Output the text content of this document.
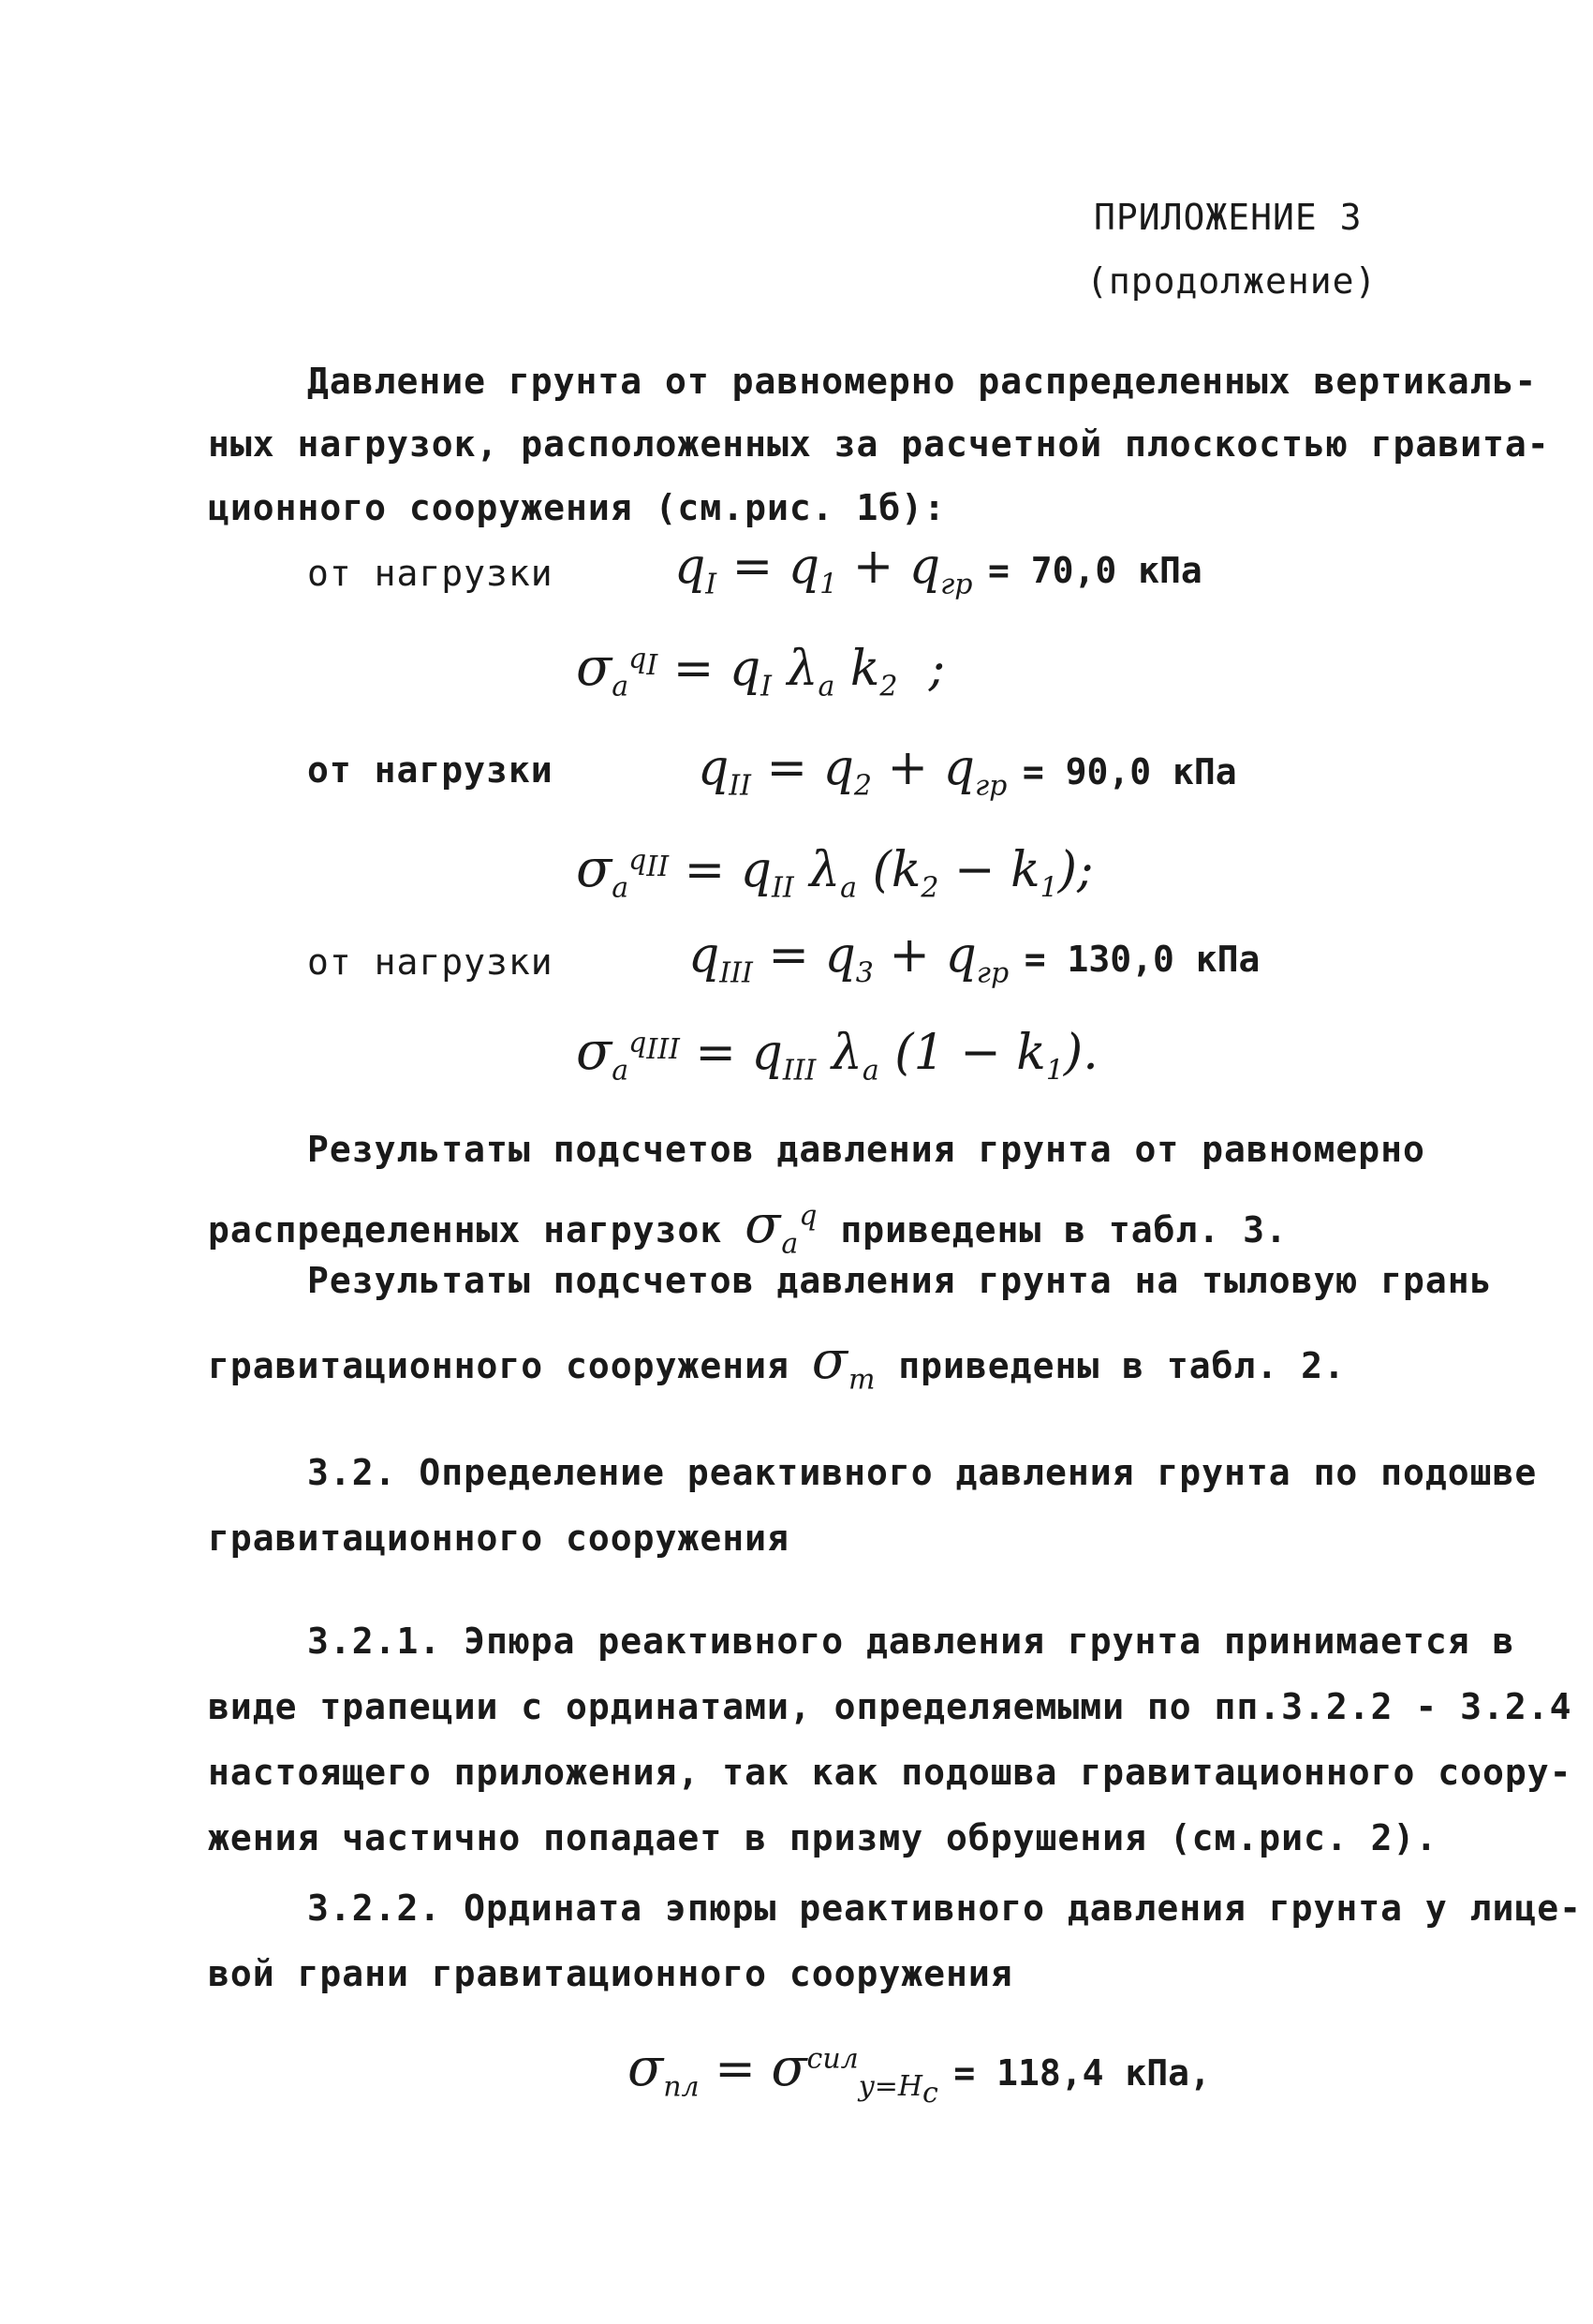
ПРИЛОЖЕНИЕ 3

(продолжение)

Давление грунта от равномерно распределенных вертикаль-

ных нагрузок, расположенных за расчетной плоскостью гравита-

ционного сооружения (см.рис. 1б):

от нагрузки $q_I = q_1 + q_{гр} = 70,0$ кПа
$\sigma_a^{q_I} = q_I$ $\lambda_a$ $k_2$  ;

от нагрузки	$q_{II} = q_2 + q_{гр} = 90,0$ кПа
$\sigma_a^{q_{II}} = q_{II}$ $\lambda_a$ $(k_2 - k_1)$;

от нагрузки	$q_{III} = q_3 + q_{гр} = 130,0$ кПа
$\sigma_a^{q_{III}} = q_{III}$ $\lambda_a$ $(1 - k_1)$.

Результаты подсчетов давления грунта от равномерно

распределенных нагрузок $\sigma_a^q$ приведены в табл. 3.

Результаты подсчетов давления грунта на тыловую грань

гравитационного сооружения $\sigma_т$ приведены в табл. 2.

3.2. Определение реактивного давления грунта по подошве

гравитационного сооружения

3.2.1. Эпюра реактивного давления грунта принимается в

виде трапеции с ординатами, определяемыми по пп.3.2.2 - 3.2.4

настоящего приложения, так как подошва гравитационного соору-

жения частично попадает в призму обрушения (см.рис. 2).

3.2.2. Ордината эпюры реактивного давления грунта у лице-

вой грани гравитационного сооружения

$\sigma_{пл} = \sigma^{сил}_{y=H_c} = 118,4$ кПа,
